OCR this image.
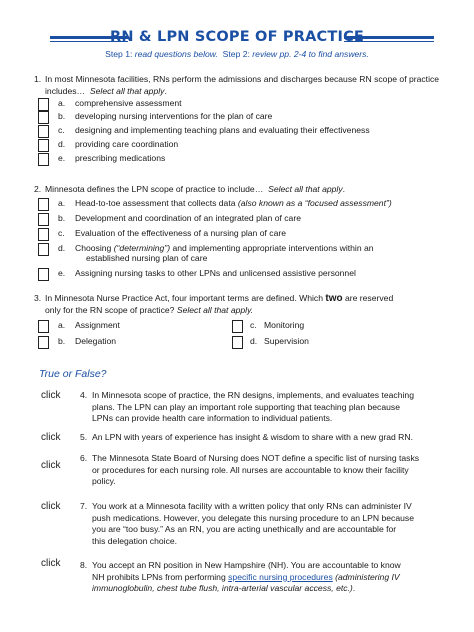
RN & LPN SCOPE OF PRACTICE
Step 1: read questions below. Step 2: review pp. 2-4 to find answers.
1. In most Minnesota facilities, RNs perform the admissions and discharges because RN scope of practice includes… Select all that apply.
a. comprehensive assessment
b. developing nursing interventions for the plan of care
c. designing and implementing teaching plans and evaluating their effectiveness
d. providing care coordination
e. prescribing medications
2. Minnesota defines the LPN scope of practice to include… Select all that apply.
a. Head-to-toe assessment that collects data (also known as a “focused assessment”)
b. Development and coordination of an integrated plan of care
c. Evaluation of the effectiveness of a nursing plan of care
d. Choosing (“determining”) and implementing appropriate interventions within an
established nursing plan of care
e. Assigning nursing tasks to other LPNs and unlicensed assistive personnel
3. In Minnesota Nurse Practice Act, four important terms are defined. Which two are reserved
only for the RN scope of practice? Select all that apply.
a. Assignment
b. Delegation
c. Monitoring
d. Supervision
True or False?
click 4. In Minnesota scope of practice, the RN designs, implements, and evaluates teaching
plans. The LPN can play an important role supporting that teaching plan because
LPNs can provide health care information to individual patients.
click 5. An LPN with years of experience has insight & wisdom to share with a new grad RN.
click
6. The Minnesota State Board of Nursing does NOT define a specific list of nursing tasks
or procedures for each nursing role. All nurses are accountable to know their facility
policy.
click 7. You work at a Minnesota facility with a written policy that only RNs can administer IV
push medications. However, you delegate this nursing procedure to an LPN because
you are “too busy.” As an RN, you are acting unethically and are accountable for
this delegation choice.
click 8. You accept an RN position in New Hampshire (NH). You are accountable to know
NH prohibits LPNs from performing specific nursing procedures (administering IV
immunoglobulin, chest tube flush, intra-arterial vascular access, etc.).
